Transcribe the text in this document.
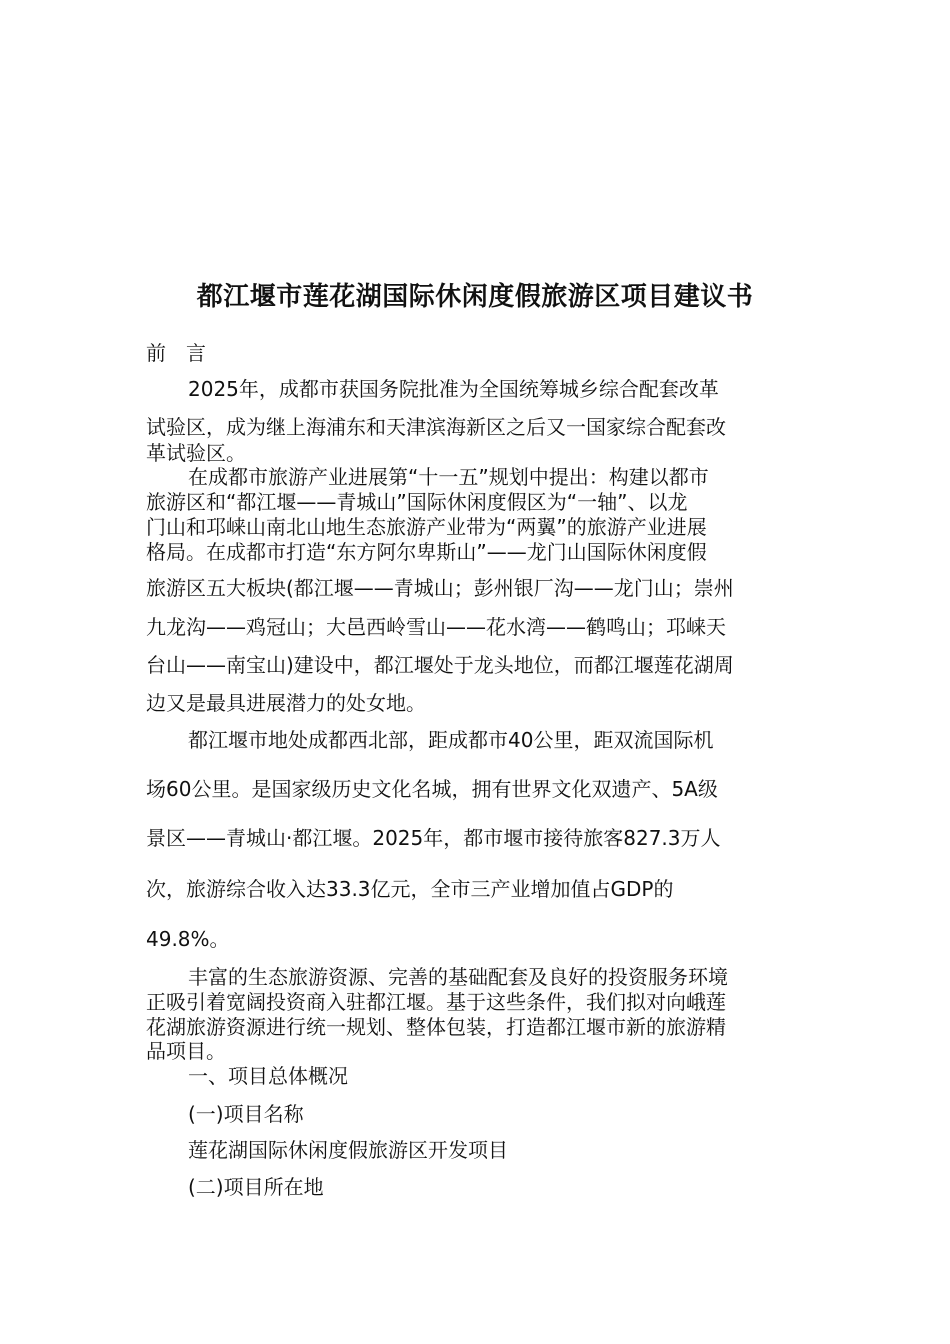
都江堰市莲花湖国际休闲度假旅游区项目建议书
前　言
2025年，成都市获国务院批准为全国统筹城乡综合配套改革
试验区，成为继上海浦东和天津滨海新区之后又一国家综合配套改
革试验区。
在成都市旅游产业进展第“十一五”规划中提出：构建以都市
旅游区和“都江堰——青城山”国际休闲度假区为“一轴”、以龙
门山和邛崃山南北山地生态旅游产业带为“两翼”的旅游产业进展
格局。在成都市打造“东方阿尔卑斯山”——龙门山国际休闲度假
旅游区五大板块(都江堰——青城山；彭州银厂沟——龙门山；崇州
九龙沟——鸡冠山；大邑西岭雪山——花水湾——鹤鸣山；邛崃天
台山——南宝山)建设中，都江堰处于龙头地位，而都江堰莲花湖周
边又是最具进展潜力的处女地。
都江堰市地处成都西北部，距成都市40公里，距双流国际机
场60公里。是国家级历史文化名城，拥有世界文化双遗产、5A级
景区——青城山·都江堰。2025年，都市堰市接待旅客827.3万人
次，旅游综合收入达33.3亿元，全市三产业增加值占GDP的
49.8%。
丰富的生态旅游资源、完善的基础配套及良好的投资服务环境
正吸引着宽阔投资商入驻都江堰。基于这些条件，我们拟对向峨莲
花湖旅游资源进行统一规划、整体包装，打造都江堰市新的旅游精
品项目。
一、项目总体概况
(一)项目名称
莲花湖国际休闲度假旅游区开发项目
(二)项目所在地
